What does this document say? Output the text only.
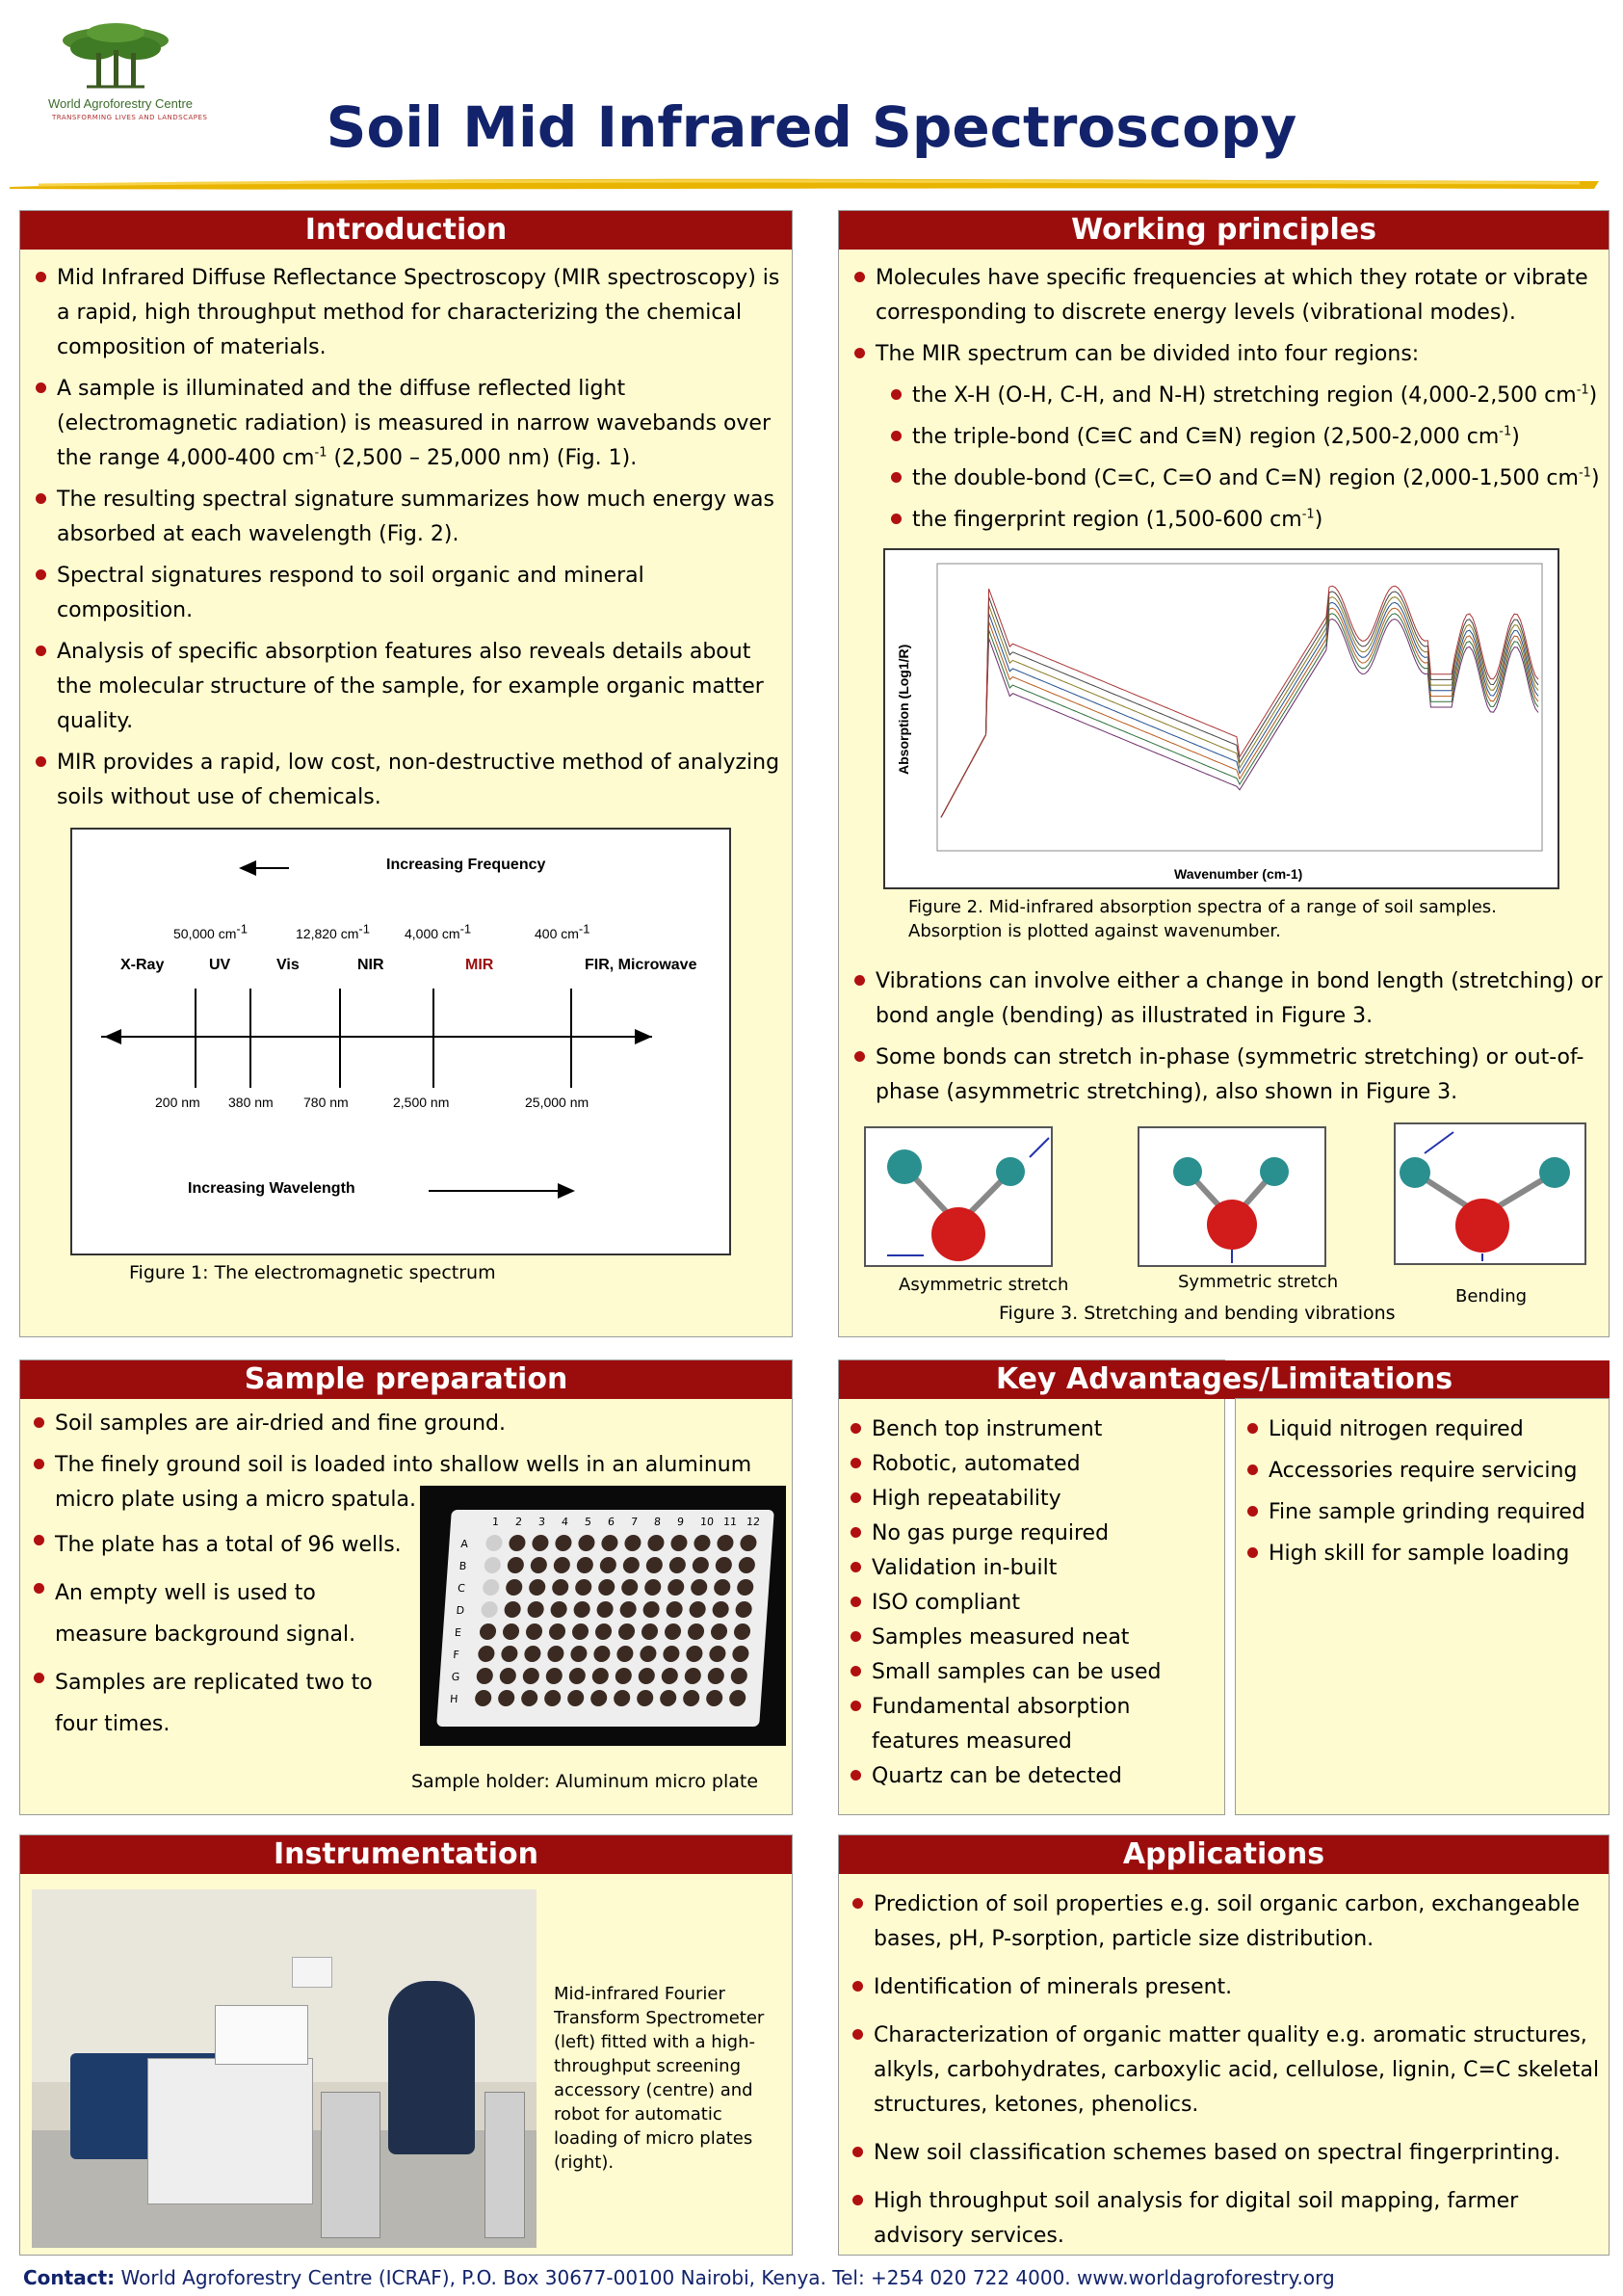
World Agroforestry Centre
TRANSFORMING LIVES AND LANDSCAPES	Soil Mid Infrared Spectroscopy
Introduction
Mid Infrared Diffuse Reflectance Spectroscopy (MIR spectroscopy) is a rapid, high throughput method for characterizing the chemical composition of materials.
A sample is illuminated and the diffuse reflected light (electromagnetic radiation) is measured in narrow wavebands over the range 4,000-400 $cm^{-1}$ (2,500 – 25,000 nm) (Fig. 1).
The resulting spectral signature summarizes how much energy was absorbed at each wavelength (Fig. 2).
Spectral signatures respond to soil organic and mineral composition.
Analysis of specific absorption features also reveals details about the molecular structure of the sample, for example organic matter quality.
MIR provides a rapid, low cost, non-destructive method of analyzing soils without use of chemicals.
Increasing Frequency
50,000 $cm^{-1}$	12,820 $cm^{-1}$	4,000 $cm^{-1}$	400 $cm^{-1}$
X-Ray	UV	Vis	NIR	MIR	FIR, Microwave
200 nm 380 nm 780 nm	2,500 nm	25,000 nm
Increasing Wavelength
Figure 1: The electromagnetic spectrum
Working principles
Molecules have specific frequencies at which they rotate or vibrate corresponding to discrete energy levels (vibrational modes).
The MIR spectrum can be divided into four regions:
the X-H (O-H, C-H, and N-H) stretching region (4,000-2,500 $cm^{-1}$)
the triple-bond (C≡C and C≡N) region (2,500-2,000 $cm^{-1}$)
the double-bond (C=C, C=O and C=N) region (2,000-1,500 $cm^{-1}$)
the fingerprint region (1,500-600 $cm^{-1}$)
Absorption (Log1/R)
Wavenumber (cm-1)
Figure 2. Mid-infrared absorption spectra of a range of soil samples.
Absorption is plotted against wavenumber.
Vibrations can involve either a change in bond length (stretching) or bond angle (bending) as illustrated in Figure 3.
Some bonds can stretch in-phase (symmetric stretching) or out-of-phase (asymmetric stretching), also shown in Figure 3.
Asymmetric stretch	Symmetric stretch
Bending
Figure 3. Stretching and bending vibrations
Sample preparation
Soil samples are air-dried and fine ground.
The finely ground soil is loaded into shallow wells in an aluminum micro plate using a micro spatula.
The plate has a total of 96 wells.
An empty well is used to measure background signal.
Samples are replicated two to four times.
1 2 3 4 5 6 7 8 9 10 11 12
A
B
C
D
E
F
G
H
Sample holder: Aluminum micro plate
Key Advantages/Limitations
Bench top instrument
Robotic, automated
High repeatability
No gas purge required
Validation in-built
ISO compliant
Samples measured neat
Small samples can be used
Fundamental absorption features measured
Quartz can be detected
Liquid nitrogen required
Accessories require servicing
Fine sample grinding required
High skill for sample loading
Instrumentation
Mid-infrared Fourier Transform Spectrometer (left) fitted with a high-throughput screening accessory (centre) and robot for automatic loading of micro plates (right).
Applications
Prediction of soil properties e.g. soil organic carbon, exchangeable bases, pH, P-sorption, particle size distribution.
Identification of minerals present.
Characterization of organic matter quality e.g. aromatic structures, alkyls, carbohydrates, carboxylic acid, cellulose, lignin, C=C skeletal structures, ketones, phenolics.
New soil classification schemes based on spectral fingerprinting.
High throughput soil analysis for digital soil mapping, farmer advisory services.
Contact: World Agroforestry Centre (ICRAF), P.O. Box 30677-00100 Nairobi, Kenya. Tel: +254 020 722 4000. www.worldagroforestry.org
